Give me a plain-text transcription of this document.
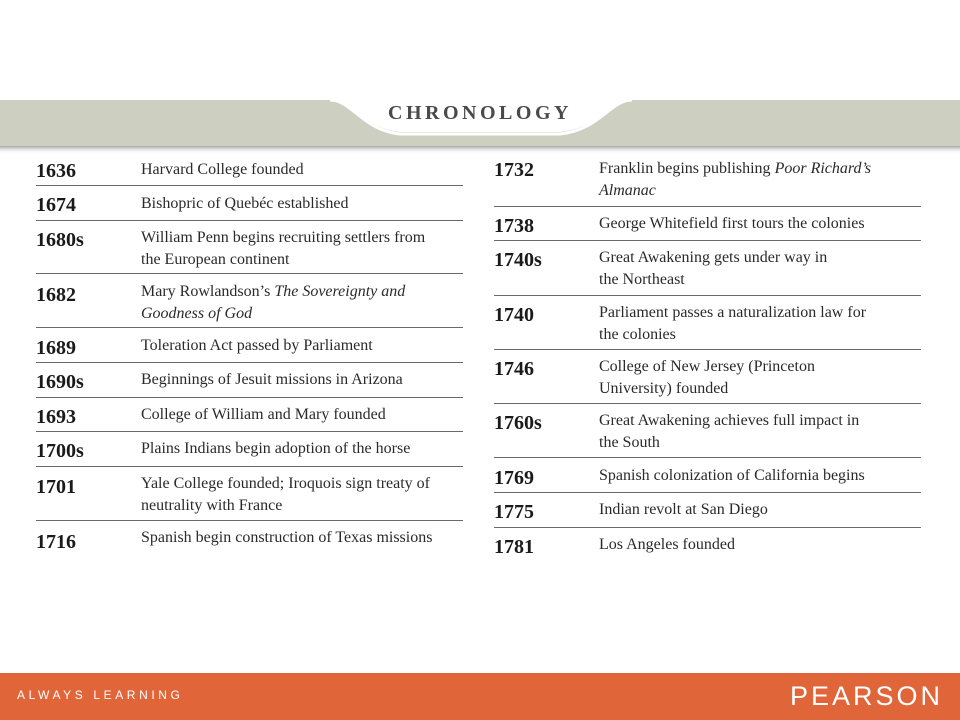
CHRONOLOGY
1636	Harvard College founded
1674	Bishopric of Quebéc established
1680s	William Penn begins recruiting settlers from
the European continent
1682	Mary Rowlandson’s The Sovereignty and
Goodness of God
1689	Toleration Act passed by Parliament
1690s	Beginnings of Jesuit missions in Arizona
1693	College of William and Mary founded
1700s	Plains Indians begin adoption of the horse
1701	Yale College founded; Iroquois sign treaty of
neutrality with France
1716	Spanish begin construction of Texas missions
1732	Franklin begins publishing Poor Richard’s
Almanac
1738	George Whitefield first tours the colonies
1740s	Great Awakening gets under way in
the Northeast
1740	Parliament passes a naturalization law for
the colonies
1746	College of New Jersey (Princeton
University) founded
1760s	Great Awakening achieves full impact in
the South
1769	Spanish colonization of California begins
1775	Indian revolt at San Diego
1781	Los Angeles founded
ALWAYS LEARNING	PEARSON
